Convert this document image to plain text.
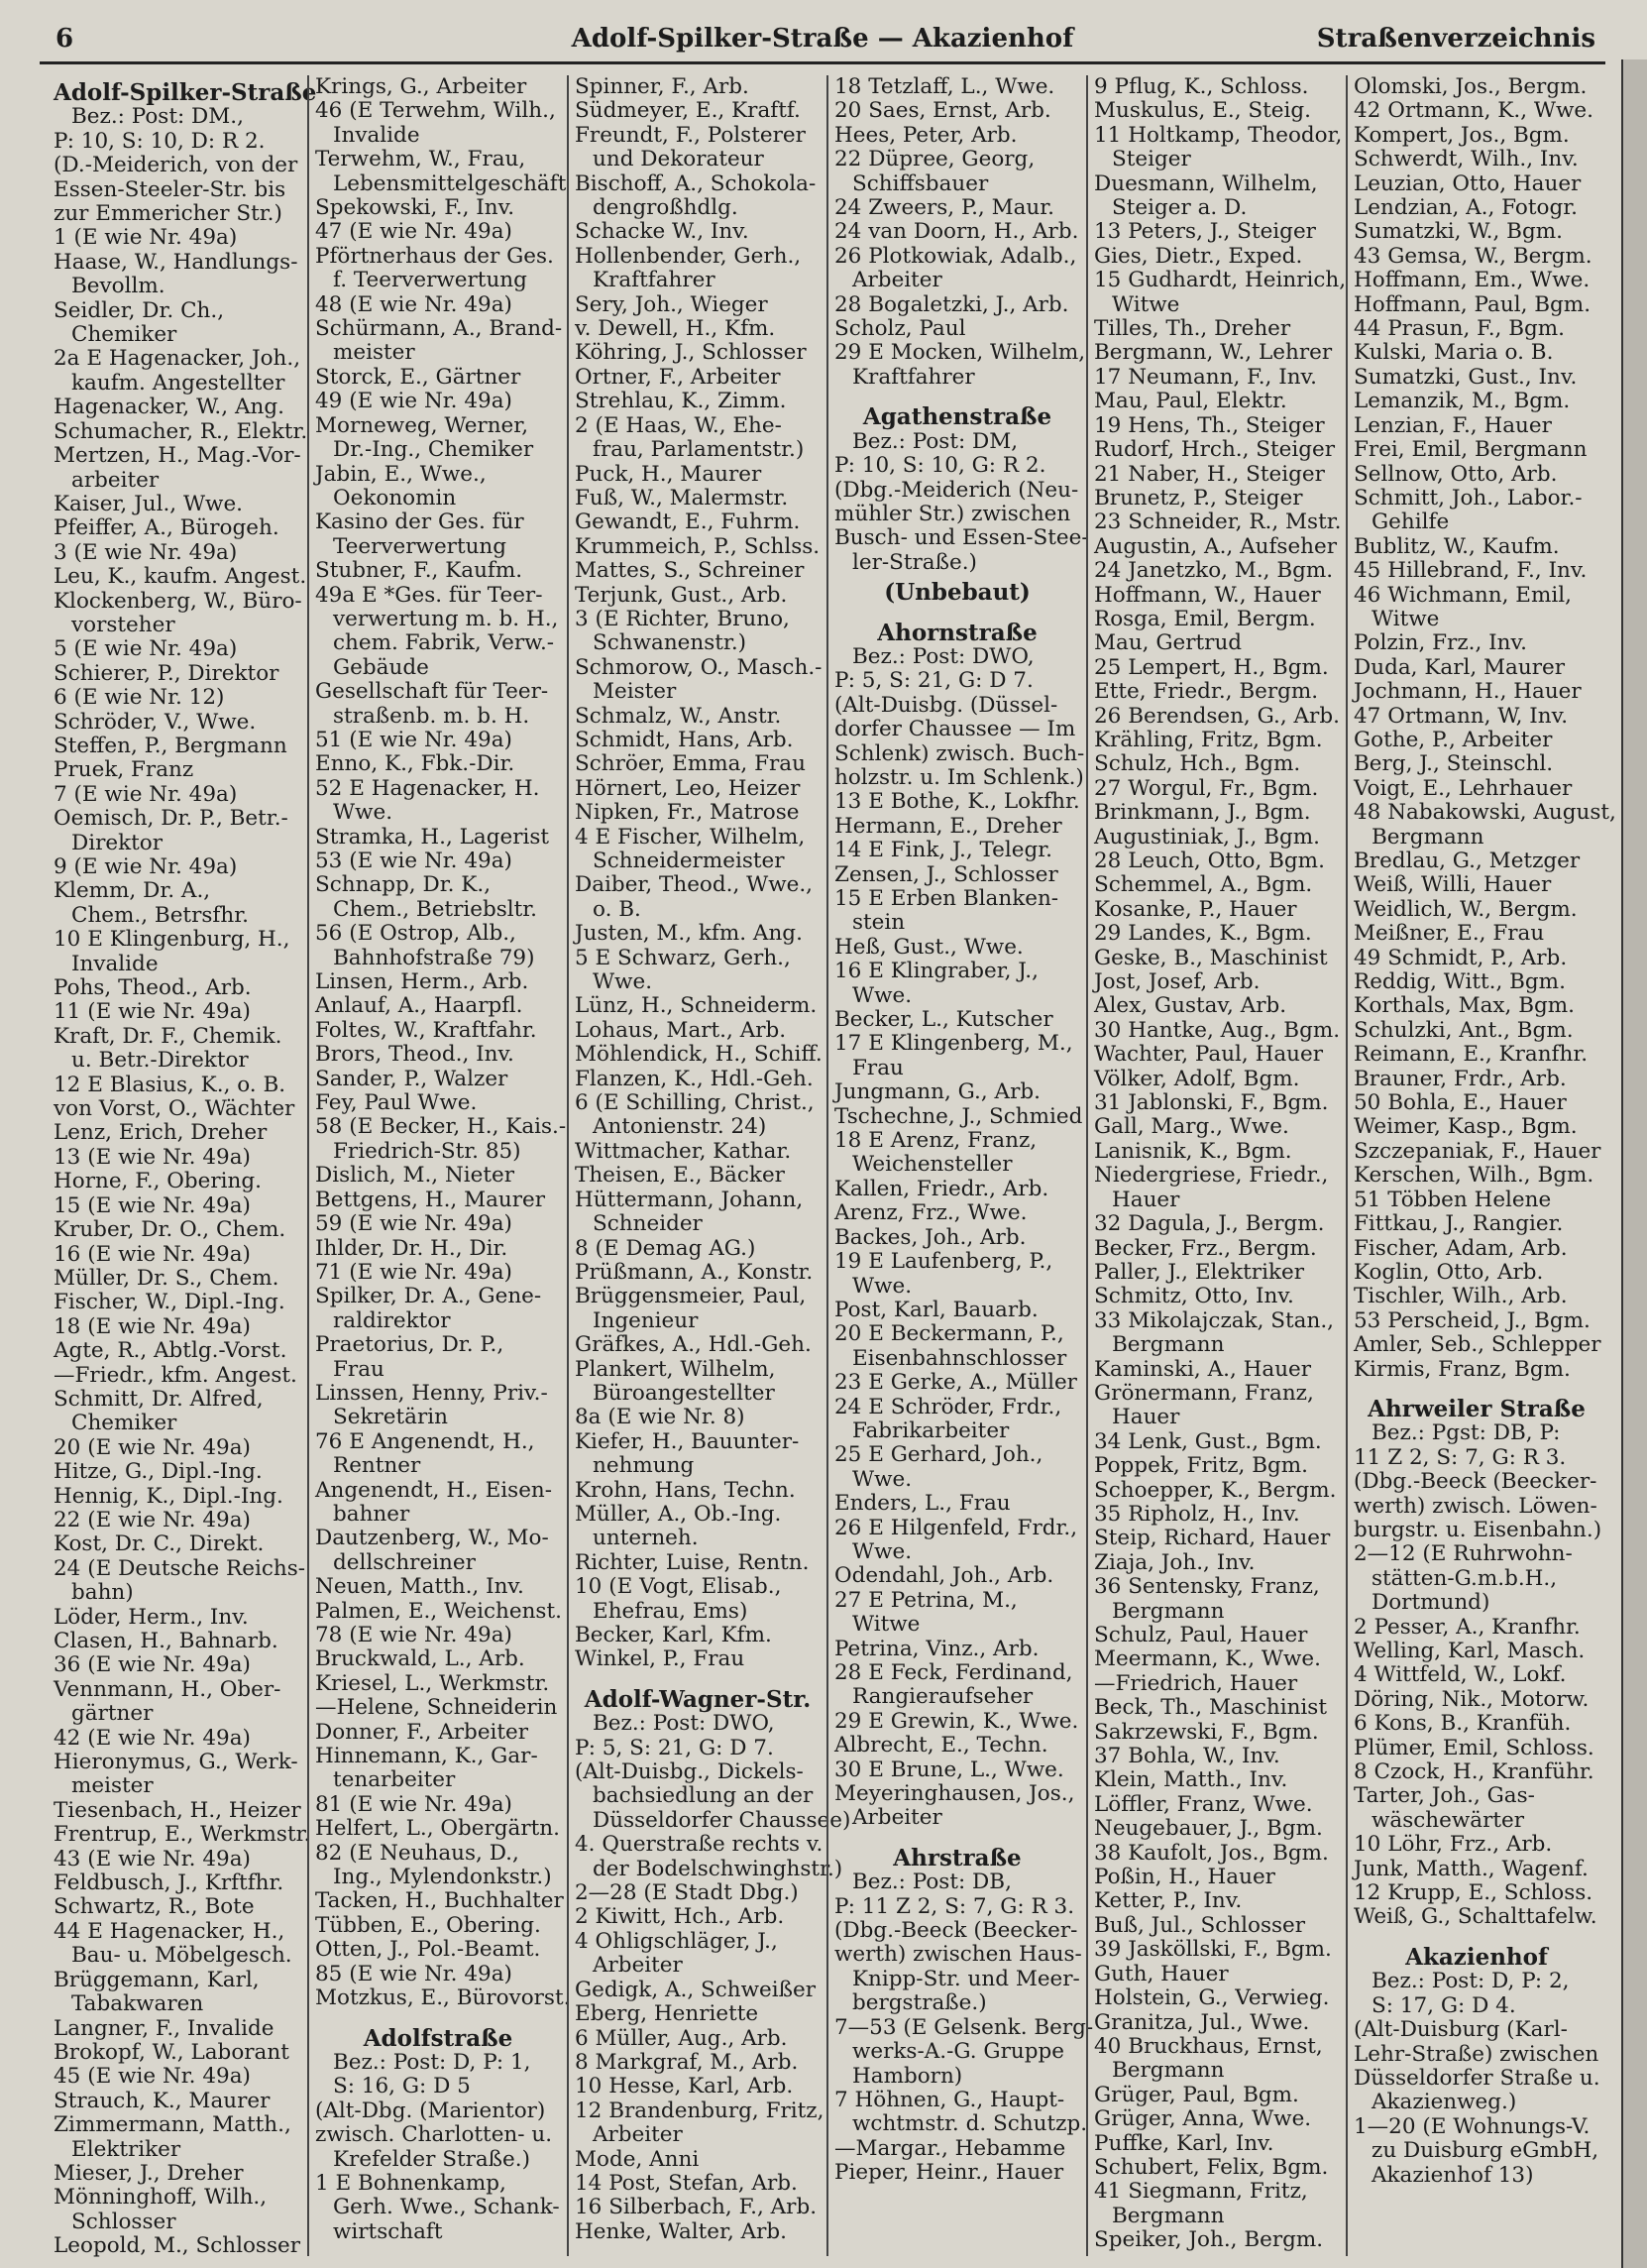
6	Adolf-Spilker-Straße — Akazienhof	Straßenverzeichnis
Adolf-Spilker-Straße
Bez.: Post: DM.,
P: 10, S: 10, D: R 2.
(D.-Meiderich, von der
Essen-Steeler-Str. bis
zur Emmericher Str.)
1 (E wie Nr. 49a)
Haase, W., Handlungs-
Bevollm.
Seidler, Dr. Ch.,
Chemiker
2a E Hagenacker, Joh.,
kaufm. Angestellter
Hagenacker, W., Ang.
Schumacher, R., Elektr.
Mertzen, H., Mag.-Vor-
arbeiter
Kaiser, Jul., Wwe.
Pfeiffer, A., Bürogeh.
3 (E wie Nr. 49a)
Leu, K., kaufm. Angest.
Klockenberg, W., Büro-
vorsteher
5 (E wie Nr. 49a)
Schierer, P., Direktor
6 (E wie Nr. 12)
Schröder, V., Wwe.
Steffen, P., Bergmann
Pruek, Franz
7 (E wie Nr. 49a)
Oemisch, Dr. P., Betr.-
Direktor
9 (E wie Nr. 49a)
Klemm, Dr. A.,
Chem., Betrsfhr.
10 E Klingenburg, H.,
Invalide
Pohs, Theod., Arb.
11 (E wie Nr. 49a)
Kraft, Dr. F., Chemik.
u. Betr.-Direktor
12 E Blasius, K., o. B.
von Vorst, O., Wächter
Lenz, Erich, Dreher
13 (E wie Nr. 49a)
Horne, F., Obering.
15 (E wie Nr. 49a)
Kruber, Dr. O., Chem.
16 (E wie Nr. 49a)
Müller, Dr. S., Chem.
Fischer, W., Dipl.-Ing.
18 (E wie Nr. 49a)
Agte, R., Abtlg.-Vorst.
—Friedr., kfm. Angest.
Schmitt, Dr. Alfred,
Chemiker
20 (E wie Nr. 49a)
Hitze, G., Dipl.-Ing.
Hennig, K., Dipl.-Ing.
22 (E wie Nr. 49a)
Kost, Dr. C., Direkt.
24 (E Deutsche Reichs-
bahn)
Löder, Herm., Inv.
Clasen, H., Bahnarb.
36 (E wie Nr. 49a)
Vennmann, H., Ober-
gärtner
42 (E wie Nr. 49a)
Hieronymus, G., Werk-
meister
Tiesenbach, H., Heizer
Frentrup, E., Werkmstr.
43 (E wie Nr. 49a)
Feldbusch, J., Krftfhr.
Schwartz, R., Bote
44 E Hagenacker, H.,
Bau- u. Möbelgesch.
Brüggemann, Karl,
Tabakwaren
Langner, F., Invalide
Brokopf, W., Laborant
45 (E wie Nr. 49a)
Strauch, K., Maurer
Zimmermann, Matth.,
Elektriker
Mieser, J., Dreher
Mönninghoff, Wilh.,
Schlosser
Leopold, M., Schlosser
Krings, G., Arbeiter
46 (E Terwehm, Wilh.,
Invalide
Terwehm, W., Frau,
Lebensmittelgeschäft
Spekowski, F., Inv.
47 (E wie Nr. 49a)
Pförtnerhaus der Ges.
f. Teerverwertung
48 (E wie Nr. 49a)
Schürmann, A., Brand-
meister
Storck, E., Gärtner
49 (E wie Nr. 49a)
Morneweg, Werner,
Dr.-Ing., Chemiker
Jabin, E., Wwe.,
Oekonomin
Kasino der Ges. für
Teerverwertung
Stubner, F., Kaufm.
49a E *Ges. für Teer-
verwertung m. b. H.,
chem. Fabrik, Verw.-
Gebäude
Gesellschaft für Teer-
straßenb. m. b. H.
51 (E wie Nr. 49a)
Enno, K., Fbk.-Dir.
52 E Hagenacker, H.
Wwe.
Stramka, H., Lagerist
53 (E wie Nr. 49a)
Schnapp, Dr. K.,
Chem., Betriebsltr.
56 (E Ostrop, Alb.,
Bahnhofstraße 79)
Linsen, Herm., Arb.
Anlauf, A., Haarpfl.
Foltes, W., Kraftfahr.
Brors, Theod., Inv.
Sander, P., Walzer
Fey, Paul Wwe.
58 (E Becker, H., Kais.-
Friedrich-Str. 85)
Dislich, M., Nieter
Bettgens, H., Maurer
59 (E wie Nr. 49a)
Ihlder, Dr. H., Dir.
71 (E wie Nr. 49a)
Spilker, Dr. A., Gene-
raldirektor
Praetorius, Dr. P.,
Frau
Linssen, Henny, Priv.-
Sekretärin
76 E Angenendt, H.,
Rentner
Angenendt, H., Eisen-
bahner
Dautzenberg, W., Mo-
dellschreiner
Neuen, Matth., Inv.
Palmen, E., Weichenst.
78 (E wie Nr. 49a)
Bruckwald, L., Arb.
Kriesel, L., Werkmstr.
—Helene, Schneiderin
Donner, F., Arbeiter
Hinnemann, K., Gar-
tenarbeiter
81 (E wie Nr. 49a)
Helfert, L., Obergärtn.
82 (E Neuhaus, D.,
Ing., Mylendonkstr.)
Tacken, H., Buchhalter
Tübben, E., Obering.
Otten, J., Pol.-Beamt.
85 (E wie Nr. 49a)
Motzkus, E., Bürovorst.
Adolfstraße
Bez.: Post: D, P: 1,
S: 16, G: D 5
(Alt-Dbg. (Marientor)
zwisch. Charlotten- u.
Krefelder Straße.)
1 E Bohnenkamp,
Gerh. Wwe., Schank-
wirtschaft
Spinner, F., Arb.
Südmeyer, E., Kraftf.
Freundt, F., Polsterer
und Dekorateur
Bischoff, A., Schokola-
dengroßhdlg.
Schacke W., Inv.
Hollenbender, Gerh.,
Kraftfahrer
Sery, Joh., Wieger
v. Dewell, H., Kfm.
Köhring, J., Schlosser
Ortner, F., Arbeiter
Strehlau, K., Zimm.
2 (E Haas, W., Ehe-
frau, Parlamentstr.)
Puck, H., Maurer
Fuß, W., Malermstr.
Gewandt, E., Fuhrm.
Krummeich, P., Schlss.
Mattes, S., Schreiner
Terjunk, Gust., Arb.
3 (E Richter, Bruno,
Schwanenstr.)
Schmorow, O., Masch.-
Meister
Schmalz, W., Anstr.
Schmidt, Hans, Arb.
Schröer, Emma, Frau
Hörnert, Leo, Heizer
Nipken, Fr., Matrose
4 E Fischer, Wilhelm,
Schneidermeister
Daiber, Theod., Wwe.,
o. B.
Justen, M., kfm. Ang.
5 E Schwarz, Gerh.,
Wwe.
Lünz, H., Schneiderm.
Lohaus, Mart., Arb.
Möhlendick, H., Schiff.
Flanzen, K., Hdl.-Geh.
6 (E Schilling, Christ.,
Antonienstr. 24)
Wittmacher, Kathar.
Theisen, E., Bäcker
Hüttermann, Johann,
Schneider
8 (E Demag AG.)
Prüßmann, A., Konstr.
Brüggensmeier, Paul,
Ingenieur
Gräfkes, A., Hdl.-Geh.
Plankert, Wilhelm,
Büroangestellter
8a (E wie Nr. 8)
Kiefer, H., Bauunter-
nehmung
Krohn, Hans, Techn.
Müller, A., Ob.-Ing.
unterneh.
Richter, Luise, Rentn.
10 (E Vogt, Elisab.,
Ehefrau, Ems)
Becker, Karl, Kfm.
Winkel, P., Frau
Adolf-Wagner-Str.
Bez.: Post: DWO,
P: 5, S: 21, G: D 7.
(Alt-Duisbg., Dickels-
bachsiedlung an der
Düsseldorfer Chaussee)
4. Querstraße rechts v.
der Bodelschwinghstr.)
2—28 (E Stadt Dbg.)
2 Kiwitt, Hch., Arb.
4 Ohligschläger, J.,
Arbeiter
Gedigk, A., Schweißer
Eberg, Henriette
6 Müller, Aug., Arb.
8 Markgraf, M., Arb.
10 Hesse, Karl, Arb.
12 Brandenburg, Fritz,
Arbeiter
Mode, Anni
14 Post, Stefan, Arb.
16 Silberbach, F., Arb.
Henke, Walter, Arb.
18 Tetzlaff, L., Wwe.
20 Saes, Ernst, Arb.
Hees, Peter, Arb.
22 Düpree, Georg,
Schiffsbauer
24 Zweers, P., Maur.
24 van Doorn, H., Arb.
26 Plotkowiak, Adalb.,
Arbeiter
28 Bogaletzki, J., Arb.
Scholz, Paul
29 E Mocken, Wilhelm,
Kraftfahrer
Agathenstraße
Bez.: Post: DM,
P: 10, S: 10, G: R 2.
(Dbg.-Meiderich (Neu-
mühler Str.) zwischen
Busch- und Essen-Stee-
ler-Straße.)
(Unbebaut)
Ahornstraße
Bez.: Post: DWO,
P: 5, S: 21, G: D 7.
(Alt-Duisbg. (Düssel-
dorfer Chaussee — Im
Schlenk) zwisch. Buch-
holzstr. u. Im Schlenk.)
13 E Bothe, K., Lokfhr.
Hermann, E., Dreher
14 E Fink, J., Telegr.
Zensen, J., Schlosser
15 E Erben Blanken-
stein
Heß, Gust., Wwe.
16 E Klingraber, J.,
Wwe.
Becker, L., Kutscher
17 E Klingenberg, M.,
Frau
Jungmann, G., Arb.
Tschechne, J., Schmied
18 E Arenz, Franz,
Weichensteller
Kallen, Friedr., Arb.
Arenz, Frz., Wwe.
Backes, Joh., Arb.
19 E Laufenberg, P.,
Wwe.
Post, Karl, Bauarb.
20 E Beckermann, P.,
Eisenbahnschlosser
23 E Gerke, A., Müller
24 E Schröder, Frdr.,
Fabrikarbeiter
25 E Gerhard, Joh.,
Wwe.
Enders, L., Frau
26 E Hilgenfeld, Frdr.,
Wwe.
Odendahl, Joh., Arb.
27 E Petrina, M.,
Witwe
Petrina, Vinz., Arb.
28 E Feck, Ferdinand,
Rangieraufseher
29 E Grewin, K., Wwe.
Albrecht, E., Techn.
30 E Brune, L., Wwe.
Meyeringhausen, Jos.,
Arbeiter
Ahrstraße
Bez.: Post: DB,
P: 11 Z 2, S: 7, G: R 3.
(Dbg.-Beeck (Beecker-
werth) zwischen Haus-
Knipp-Str. und Meer-
bergstraße.)
7—53 (E Gelsenk. Berg-
werks-A.-G. Gruppe
Hamborn)
7 Höhnen, G., Haupt-
wchtmstr. d. Schutzp.
—Margar., Hebamme
Pieper, Heinr., Hauer
9 Pflug, K., Schloss.
Muskulus, E., Steig.
11 Holtkamp, Theodor,
Steiger
Duesmann, Wilhelm,
Steiger a. D.
13 Peters, J., Steiger
Gies, Dietr., Exped.
15 Gudhardt, Heinrich,
Witwe
Tilles, Th., Dreher
Bergmann, W., Lehrer
17 Neumann, F., Inv.
Mau, Paul, Elektr.
19 Hens, Th., Steiger
Rudorf, Hrch., Steiger
21 Naber, H., Steiger
Brunetz, P., Steiger
23 Schneider, R., Mstr.
Augustin, A., Aufseher
24 Janetzko, M., Bgm.
Hoffmann, W., Hauer
Rosga, Emil, Bergm.
Mau, Gertrud
25 Lempert, H., Bgm.
Ette, Friedr., Bergm.
26 Berendsen, G., Arb.
Krähling, Fritz, Bgm.
Schulz, Hch., Bgm.
27 Worgul, Fr., Bgm.
Brinkmann, J., Bgm.
Augustiniak, J., Bgm.
28 Leuch, Otto, Bgm.
Schemmel, A., Bgm.
Kosanke, P., Hauer
29 Landes, K., Bgm.
Geske, B., Maschinist
Jost, Josef, Arb.
Alex, Gustav, Arb.
30 Hantke, Aug., Bgm.
Wachter, Paul, Hauer
Völker, Adolf, Bgm.
31 Jablonski, F., Bgm.
Gall, Marg., Wwe.
Lanisnik, K., Bgm.
Niedergriese, Friedr.,
Hauer
32 Dagula, J., Bergm.
Becker, Frz., Bergm.
Paller, J., Elektriker
Schmitz, Otto, Inv.
33 Mikolajczak, Stan.,
Bergmann
Kaminski, A., Hauer
Grönermann, Franz,
Hauer
34 Lenk, Gust., Bgm.
Poppek, Fritz, Bgm.
Schoepper, K., Bergm.
35 Ripholz, H., Inv.
Steip, Richard, Hauer
Ziaja, Joh., Inv.
36 Sentensky, Franz,
Bergmann
Schulz, Paul, Hauer
Meermann, K., Wwe.
—Friedrich, Hauer
Beck, Th., Maschinist
Sakrzewski, F., Bgm.
37 Bohla, W., Inv.
Klein, Matth., Inv.
Löffler, Franz, Wwe.
Neugebauer, J., Bgm.
38 Kaufolt, Jos., Bgm.
Poßin, H., Hauer
Ketter, P., Inv.
Buß, Jul., Schlosser
39 Jasköllski, F., Bgm.
Guth, Hauer
Holstein, G., Verwieg.
Granitza, Jul., Wwe.
40 Bruckhaus, Ernst,
Bergmann
Grüger, Paul, Bgm.
Grüger, Anna, Wwe.
Puffke, Karl, Inv.
Schubert, Felix, Bgm.
41 Siegmann, Fritz,
Bergmann
Speiker, Joh., Bergm.
Olomski, Jos., Bergm.
42 Ortmann, K., Wwe.
Kompert, Jos., Bgm.
Schwerdt, Wilh., Inv.
Leuzian, Otto, Hauer
Lendzian, A., Fotogr.
Sumatzki, W., Bgm.
43 Gemsa, W., Bergm.
Hoffmann, Em., Wwe.
Hoffmann, Paul, Bgm.
44 Prasun, F., Bgm.
Kulski, Maria o. B.
Sumatzki, Gust., Inv.
Lemanzik, M., Bgm.
Lenzian, F., Hauer
Frei, Emil, Bergmann
Sellnow, Otto, Arb.
Schmitt, Joh., Labor.-
Gehilfe
Bublitz, W., Kaufm.
45 Hillebrand, F., Inv.
46 Wichmann, Emil,
Witwe
Polzin, Frz., Inv.
Duda, Karl, Maurer
Jochmann, H., Hauer
47 Ortmann, W, Inv.
Gothe, P., Arbeiter
Berg, J., Steinschl.
Voigt, E., Lehrhauer
48 Nabakowski, August,
Bergmann
Bredlau, G., Metzger
Weiß, Willi, Hauer
Weidlich, W., Bergm.
Meißner, E., Frau
49 Schmidt, P., Arb.
Reddig, Witt., Bgm.
Korthals, Max, Bgm.
Schulzki, Ant., Bgm.
Reimann, E., Kranfhr.
Brauner, Frdr., Arb.
50 Bohla, E., Hauer
Weimer, Kasp., Bgm.
Szczepaniak, F., Hauer
Kerschen, Wilh., Bgm.
51 Többen Helene
Fittkau, J., Rangier.
Fischer, Adam, Arb.
Koglin, Otto, Arb.
Tischler, Wilh., Arb.
53 Perscheid, J., Bgm.
Amler, Seb., Schlepper
Kirmis, Franz, Bgm.
Ahrweiler Straße
Bez.: Pgst: DB, P:
11 Z 2, S: 7, G: R 3.
(Dbg.-Beeck (Beecker-
werth) zwisch. Löwen-
burgstr. u. Eisenbahn.)
2—12 (E Ruhrwohn-
stätten-G.m.b.H.,
Dortmund)
2 Pesser, A., Kranfhr.
Welling, Karl, Masch.
4 Wittfeld, W., Lokf.
Döring, Nik., Motorw.
6 Kons, B., Kranfüh.
Plümer, Emil, Schloss.
8 Czock, H., Kranführ.
Tarter, Joh., Gas-
wäschewärter
10 Löhr, Frz., Arb.
Junk, Matth., Wagenf.
12 Krupp, E., Schloss.
Weiß, G., Schalttafelw.
Akazienhof
Bez.: Post: D, P: 2,
S: 17, G: D 4.
(Alt-Duisburg (Karl-
Lehr-Straße) zwischen
Düsseldorfer Straße u.
Akazienweg.)
1—20 (E Wohnungs-V.
zu Duisburg eGmbH,
Akazienhof 13)
